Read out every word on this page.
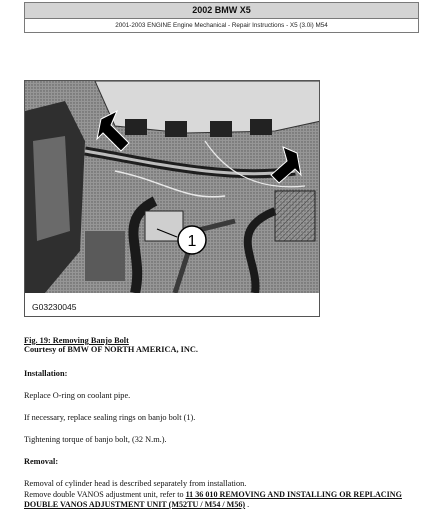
2002 BMW X5
2001-2003 ENGINE Engine Mechanical - Repair Instructions - X5 (3.0i) M54
1
G03230045
Fig. 19: Removing Banjo Bolt
Courtesy of BMW OF NORTH AMERICA, INC.
Installation:
Replace O-ring on coolant pipe.
If necessary, replace sealing rings on banjo bolt (1).
Tightening torque of banjo bolt, (32 N.m.).
Removal:
Removal of cylinder head is described separately from installation.
Remove double VANOS adjustment unit, refer to 11 36 010 REMOVING AND INSTALLING OR REPLACING DOUBLE VANOS ADJUSTMENT UNIT (M52TU / M54 / M56) .
